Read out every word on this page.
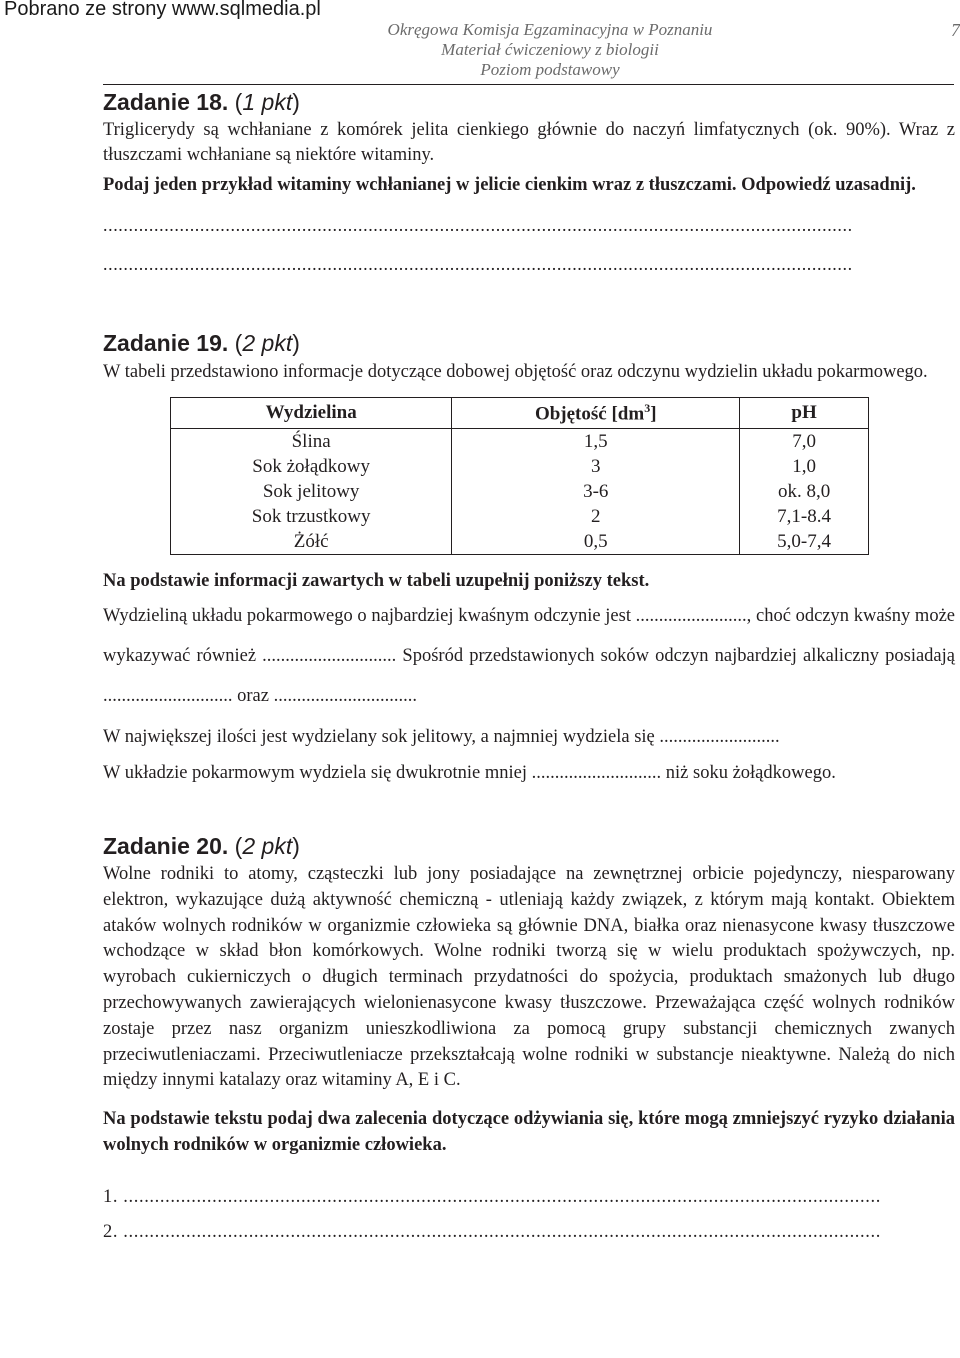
Pobrano ze strony www.sqlmedia.pl
Okręgowa Komisja Egzaminacyjna w Poznaniu
Materiał ćwiczeniowy z biologii
Poziom podstawowy
7
Zadanie 18. (1 pkt)

Triglicerydy są wchłaniane z komórek jelita cienkiego głównie do naczyń limfatycznych (ok. 90%). Wraz z tłuszczami wchłaniane są niektóre witaminy.

Podaj jeden przykład witaminy wchłanianej w jelicie cienkim wraz z tłuszczami. Odpowiedź uzasadnij.

...................................................................................................................................................
...................................................................................................................................................
Zadanie 19. (2 pkt)

W tabeli przedstawiono informacje dotyczące dobowej objętość oraz odczynu wydzielin układu pokarmowego.

Wydzielina	Objętość $[dm^3]$	pH
Ślina	1,5	7,0
Sok żołądkowy	3	1,0
Sok jelitowy	3-6	ok. 8,0
Sok trzustkowy	2	7,1-8.4
Żółć	0,5	5,0-7,4

Na podstawie informacji zawartych w tabeli uzupełnij poniższy tekst.

Wydzieliną układu pokarmowego o najbardziej kwaśnym odczynie jest ........................, choć odczyn kwaśny może wykazywać również ............................. Spośród przedstawionych soków odczyn najbardziej alkaliczny posiadają ............................ oraz ...............................

W największej ilości jest wydzielany sok jelitowy, a najmniej wydziela się ..........................

W układzie pokarmowym wydziela się dwukrotnie mniej ............................ niż soku żołądkowego.

Zadanie 20. (2 pkt)

Wolne rodniki to atomy, cząsteczki lub jony posiadające na zewnętrznej orbicie pojedynczy, niesparowany elektron, wykazujące dużą aktywność chemiczną - utleniają każdy związek, z którym mają kontakt. Obiektem ataków wolnych rodników w organizmie człowieka są głównie DNA, białka oraz nienasycone kwasy tłuszczowe wchodzące w skład błon komórkowych. Wolne rodniki tworzą się w wielu produktach spożywczych, np. wyrobach cukierniczych o długich terminach przydatności do spożycia, produktach smażonych lub długo przechowywanych zawierających wielonienasycone kwasy tłuszczowe. Przeważająca część wolnych rodników zostaje przez nasz organizm unieszkodliwiona za pomocą grupy substancji chemicznych zwanych przeciwutleniaczami. Przeciwutleniacze przekształcają wolne rodniki w substancje nieaktywne. Należą do nich między innymi katalazy oraz witaminy A, E i C.

Na podstawie tekstu podaj dwa zalecenia dotyczące odżywiania się, które mogą zmniejszyć ryzyko działania wolnych rodników w organizmie człowieka.

1. .................................................................................................................................................
2. .................................................................................................................................................
